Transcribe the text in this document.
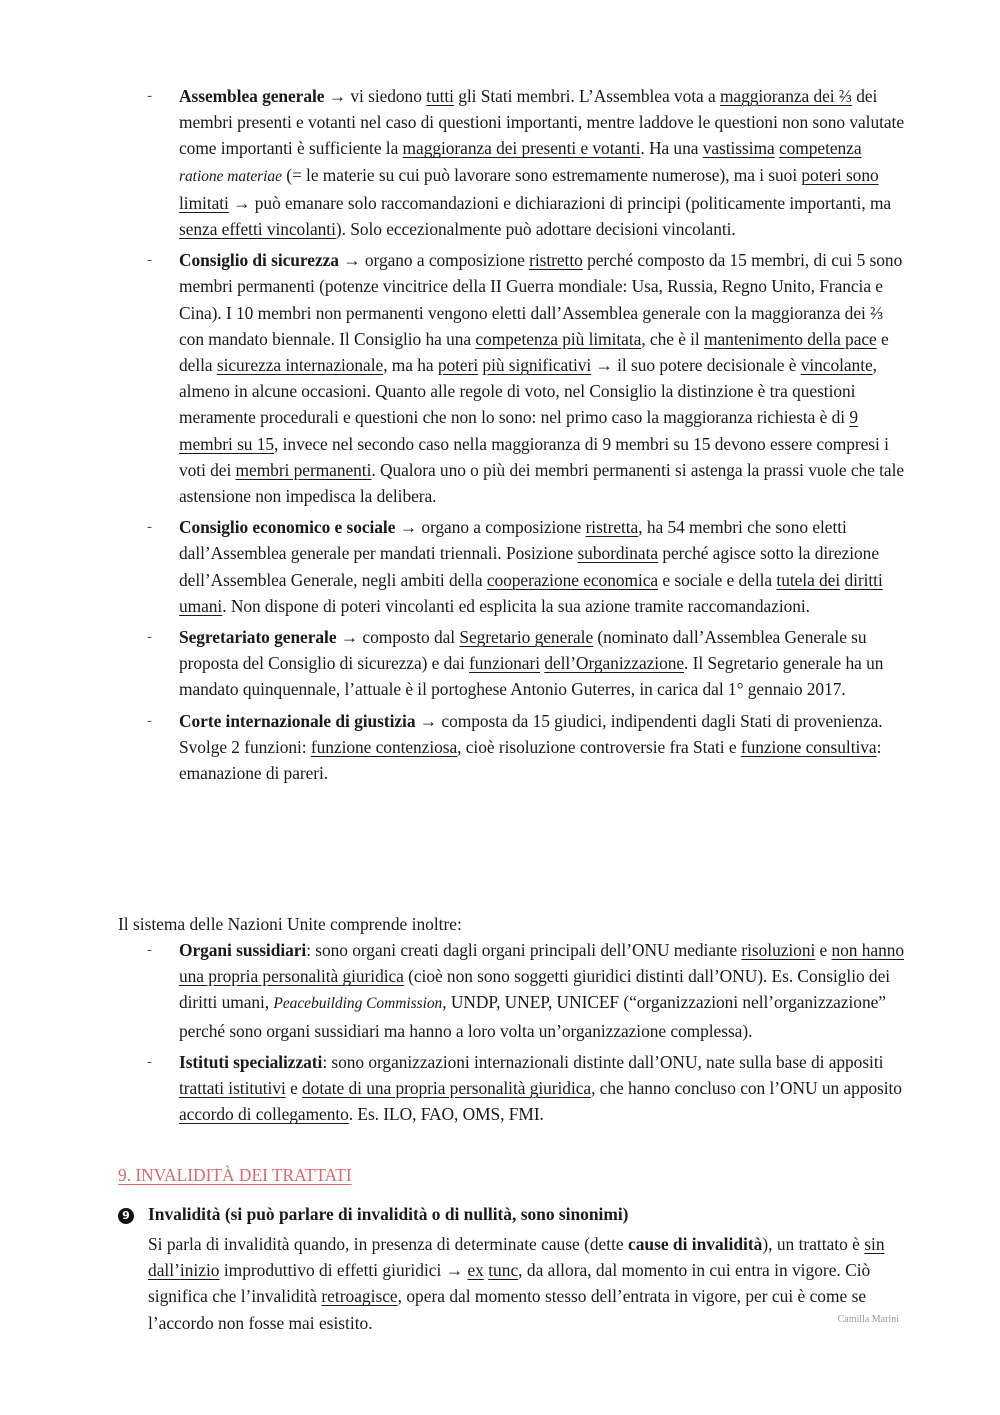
- Assemblea generale → vi siedono tutti gli Stati membri. L’Assemblea vota a maggioranza dei ⅔ dei membri presenti e votanti nel caso di questioni importanti, mentre laddove le questioni non sono valutate come importanti è sufficiente la maggioranza dei presenti e votanti. Ha una vastissima competenza ratione materiae (= le materie su cui può lavorare sono estremamente numerose), ma i suoi poteri sono limitati → può emanare solo raccomandazioni e dichiarazioni di principi (politicamente importanti, ma senza effetti vincolanti). Solo eccezionalmente può adottare decisioni vincolanti.
- Consiglio di sicurezza → organo a composizione ristretto perché composto da 15 membri, di cui 5 sono membri permanenti (potenze vincitrice della II Guerra mondiale: Usa, Russia, Regno Unito, Francia e Cina). I 10 membri non permanenti vengono eletti dall’Assemblea generale con la maggioranza dei ⅔ con mandato biennale. Il Consiglio ha una competenza più limitata, che è il mantenimento della pace e della sicurezza internazionale, ma ha poteri più significativi → il suo potere decisionale è vincolante, almeno in alcune occasioni. Quanto alle regole di voto, nel Consiglio la distinzione è tra questioni meramente procedurali e questioni che non lo sono: nel primo caso la maggioranza richiesta è di 9 membri su 15, invece nel secondo caso nella maggioranza di 9 membri su 15 devono essere compresi i voti dei membri permanenti. Qualora uno o più dei membri permanenti si astenga la prassi vuole che tale astensione non impedisca la delibera.
- Consiglio economico e sociale → organo a composizione ristretta, ha 54 membri che sono eletti dall’Assemblea generale per mandati triennali. Posizione subordinata perché agisce sotto la direzione dell’Assemblea Generale, negli ambiti della cooperazione economica e sociale e della tutela dei diritti umani. Non dispone di poteri vincolanti ed esplicita la sua azione tramite raccomandazioni.
- Segretariato generale → composto dal Segretario generale (nominato dall’Assemblea Generale su proposta del Consiglio di sicurezza) e dai funzionari dell’Organizzazione. Il Segretario generale ha un mandato quinquennale, l’attuale è il portoghese Antonio Guterres, in carica dal 1° gennaio 2017.
- Corte internazionale di giustizia → composta da 15 giudici, indipendenti dagli Stati di provenienza. Svolge 2 funzioni: funzione contenziosa, cioè risoluzione controversie fra Stati e funzione consultiva: emanazione di pareri.
Il sistema delle Nazioni Unite comprende inoltre:
- Organi sussidiari: sono organi creati dagli organi principali dell’ONU mediante risoluzioni e non hanno una propria personalità giuridica (cioè non sono soggetti giuridici distinti dall’ONU). Es. Consiglio dei diritti umani, Peacebuilding Commission, UNDP, UNEP, UNICEF (“organizzazioni nell’organizzazione” perché sono organi sussidiari ma hanno a loro volta un’organizzazione complessa).
- Istituti specializzati: sono organizzazioni internazionali distinte dall’ONU, nate sulla base di appositi trattati istitutivi e dotate di una propria personalità giuridica, che hanno concluso con l’ONU un apposito accordo di collegamento. Es. ILO, FAO, OMS, FMI.
9. INVALIDITÀ DEI TRATTATI
9 Invalidità (si può parlare di invalidità o di nullità, sono sinonimi)
Si parla di invalidità quando, in presenza di determinate cause (dette cause di invalidità), un trattato è sin dall’inizio improduttivo di effetti giuridici → ex tunc, da allora, dal momento in cui entra in vigore. Ciò significa che l’invalidità retroagisce, opera dal momento stesso dell’entrata in vigore, per cui è come se l’accordo non fosse mai esistito.	Camilla Marini
